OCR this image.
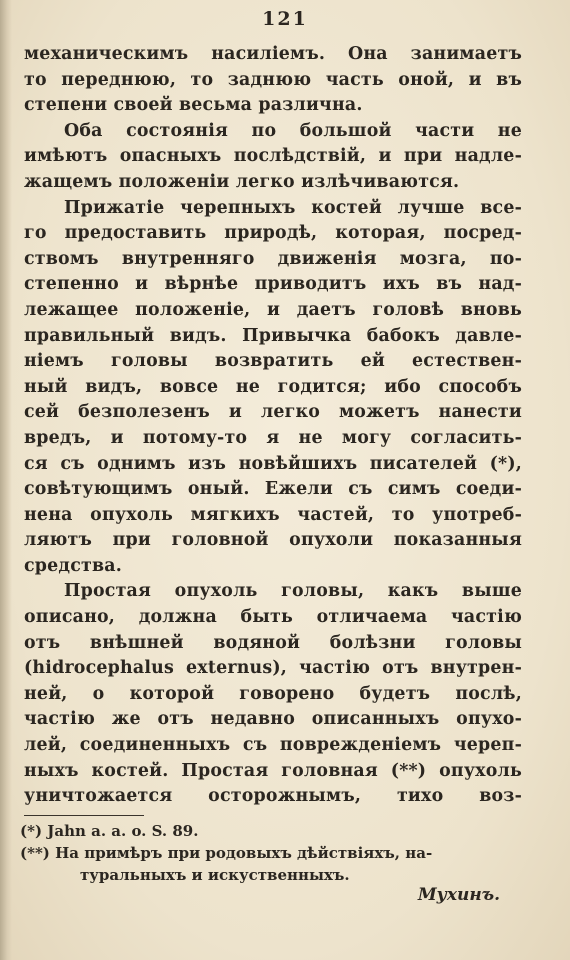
121
механическимъ насиліемъ. Она занимаетъ
то переднюю, то заднюю часть оной, и въ
степени своей весьма различна.
Оба состоянія по большой части не
имѣютъ опасныхъ послѣдствій, и при надле-
жащемъ положеніи легко излѣчиваются.
Прижатіе черепныхъ костей лучше все-
го предоставить природѣ, которая, посред-
ствомъ внутренняго движенія мозга, по-
степенно и вѣрнѣе приводитъ ихъ въ над-
лежащее положеніе, и даетъ головѣ вновь
правильный видъ. Привычка бабокъ давле-
ніемъ головы возвратить ей естествен-
ный видъ, вовсе не годится; ибо способъ
сей безполезенъ и легко можетъ нанести
вредъ, и потому-то я не могу согласить-
ся съ однимъ изъ новѣйшихъ писателей (*),
совѣтующимъ оный. Ежели съ симъ соеди-
нена опухоль мягкихъ частей, то употреб-
ляютъ при головной опухоли показанныя
средства.
Простая опухоль головы, какъ выше
описано, должна быть отличаема частію
отъ внѣшней водяной болѣзни головы
(hidrocephalus externus), частію отъ внутрен-
ней, о которой говорено будетъ послѣ,
частію же отъ недавно описанныхъ опухо-
лей, соединенныхъ съ поврежденіемъ череп-
ныхъ костей. Простая головная (**) опухоль
уничтожается осторожнымъ, тихо воз-
(*) Jahn a. a. o. S. 89.
(**) На примѣръ при родовыхъ дѣйствіяхъ, на-
туральныхъ и искуственныхъ.
Мухинъ.
